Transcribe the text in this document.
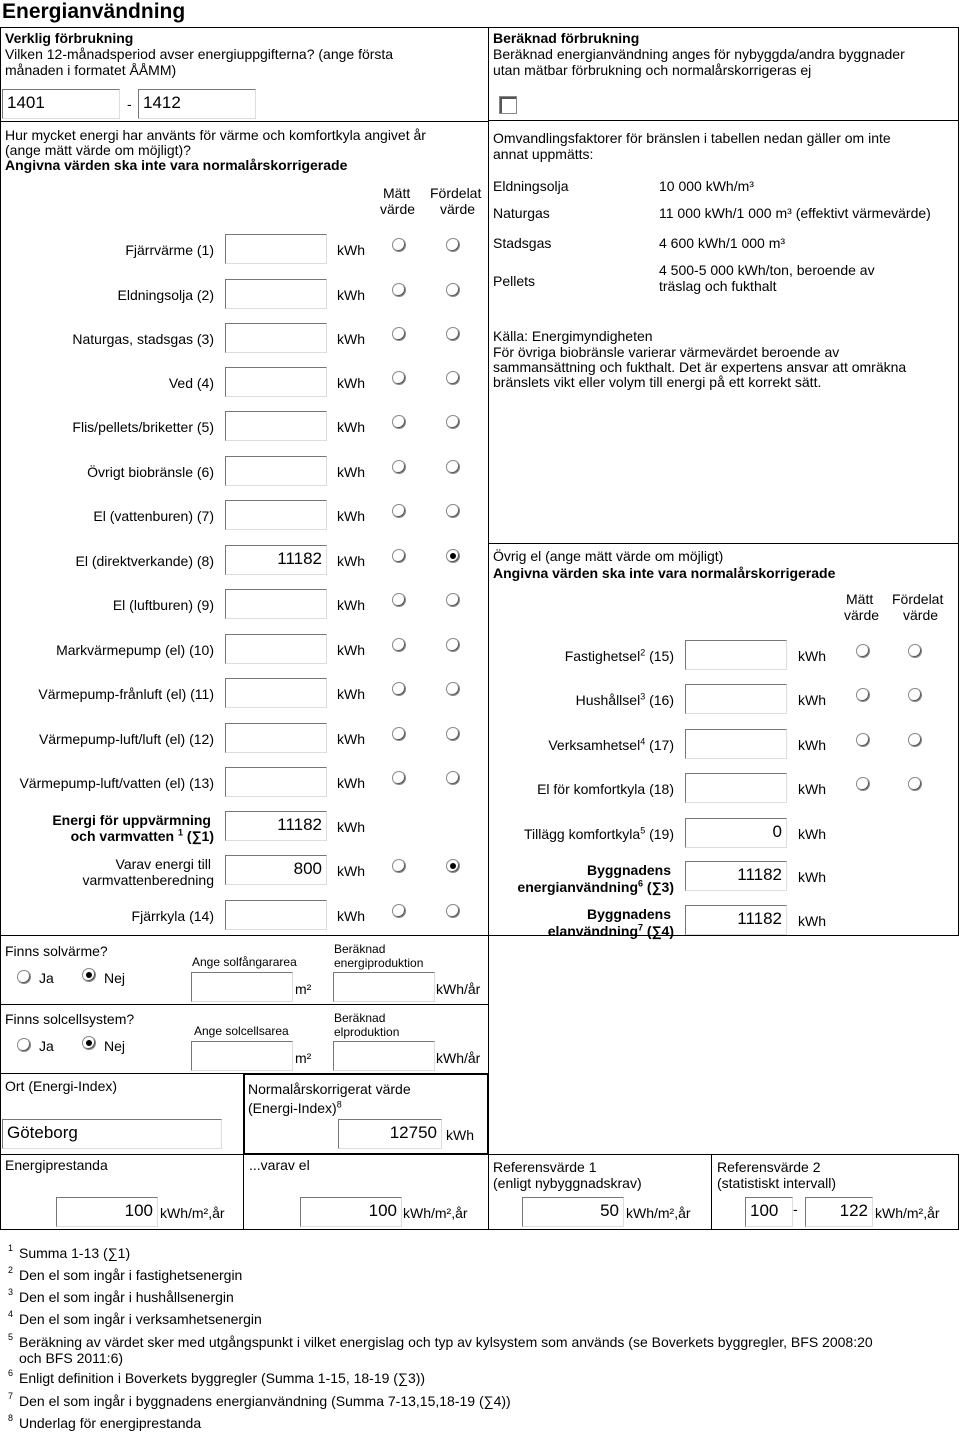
Energianvändning
Verklig förbrukning
Vilken 12-månadsperiod avser energiuppgifterna? (ange första
månaden i formatet ÅÅMM)
1401	- 1412
Hur mycket energi har använts för värme och komfortkyla angivet år
(ange mätt värde om möjligt)?
Angivna värden ska inte vara normalårskorrigerade
Mätt
värde
Fördelat
värde
Fjärrvärme (1)	kWh
Eldningsolja (2)	kWh
Naturgas, stadsgas (3)	kWh
Ved (4)	kWh
Flis/pellets/briketter (5)	kWh
Övrigt biobränsle (6)	kWh
El (vattenburen) (7)	kWh
El (direktverkande) (8)	11182	kWh
El (luftburen) (9)	kWh
Markvärmepump (el) (10)	kWh
Värmepump-frånluft (el) (11)	kWh
Värmepump-luft/luft (el) (12)	kWh
Värmepump-luft/vatten (el) (13)	kWh
Energi för uppvärmning
och varmvatten $^1$ (∑1)
11182	kWh
Varav energi till
varmvattenberedning
800	kWh
Fjärrkyla (14)	kWh
Beräknad förbrukning
Beräknad energianvändning anges för nybyggda/andra byggnader
utan mätbar förbrukning och normalårskorrigeras ej
Omvandlingsfaktorer för bränslen i tabellen nedan gäller om inte
annat uppmätts:
Eldningsolja	10 000 kWh/m³
Naturgas	11 000 kWh/1 000 m³ (effektivt värmevärde)
Stadsgas	4 600 kWh/1 000 m³
Pellets
4 500-5 000 kWh/ton, beroende av
träslag och fukthalt
Källa: Energimyndigheten
För övriga biobränsle varierar värmevärdet beroende av
sammansättning och fukthalt. Det är expertens ansvar att omräkna
bränslets vikt eller volym till energi på ett korrekt sätt.
Övrig el (ange mätt värde om möjligt)
Angivna värden ska inte vara normalårskorrigerade
Mätt
värde
Fördelat
värde
Fastighetsel$^2$ (15)	kWh
Hushållsel$^3$ (16)	kWh
Verksamhetsel$^4$ (17)	kWh
El för komfortkyla (18)	kWh
Tillägg komfortkyla$^5$ (19)	0	kWh
Byggnadens
energianvändning$^6$ (∑3)
11182	kWh
Byggnadens
elanvändning$^7$ (∑4)
11182	kWh
Finns solvärme?
Ja	Nej
Ange solfångararea
m²
Beräknad
energiproduktion
kWh/år
Finns solcellsystem?
Ja	Nej
Ange solcellsarea
m²
Beräknad
elproduktion
kWh/år
Ort (Energi-Index)
Göteborg
Normalårskorrigerat värde
(Energi-Index)$^8$
12750 kWh
Energiprestanda
100 kWh/m²,år
...varav el
100 kWh/m²,år
Referensvärde 1
(enligt nybyggnadskrav)
50 kWh/m²,år
Referensvärde 2
(statistiskt intervall)
100	-	122 kWh/m²,år
1 Summa 1-13 (∑1)
2 Den el som ingår i fastighetsenergin
3 Den el som ingår i hushållsenergin
4 Den el som ingår i verksamhetsenergin
5 Beräkning av värdet sker med utgångspunkt i vilket energislag och typ av kylsystem som används (se Boverkets byggregler, BFS 2008:20
och BFS 2011:6)
6 Enligt definition i Boverkets byggregler (Summa 1-15, 18-19 (∑3))
7 Den el som ingår i byggnadens energianvändning (Summa 7-13,15,18-19 (∑4))
8 Underlag för energiprestanda
